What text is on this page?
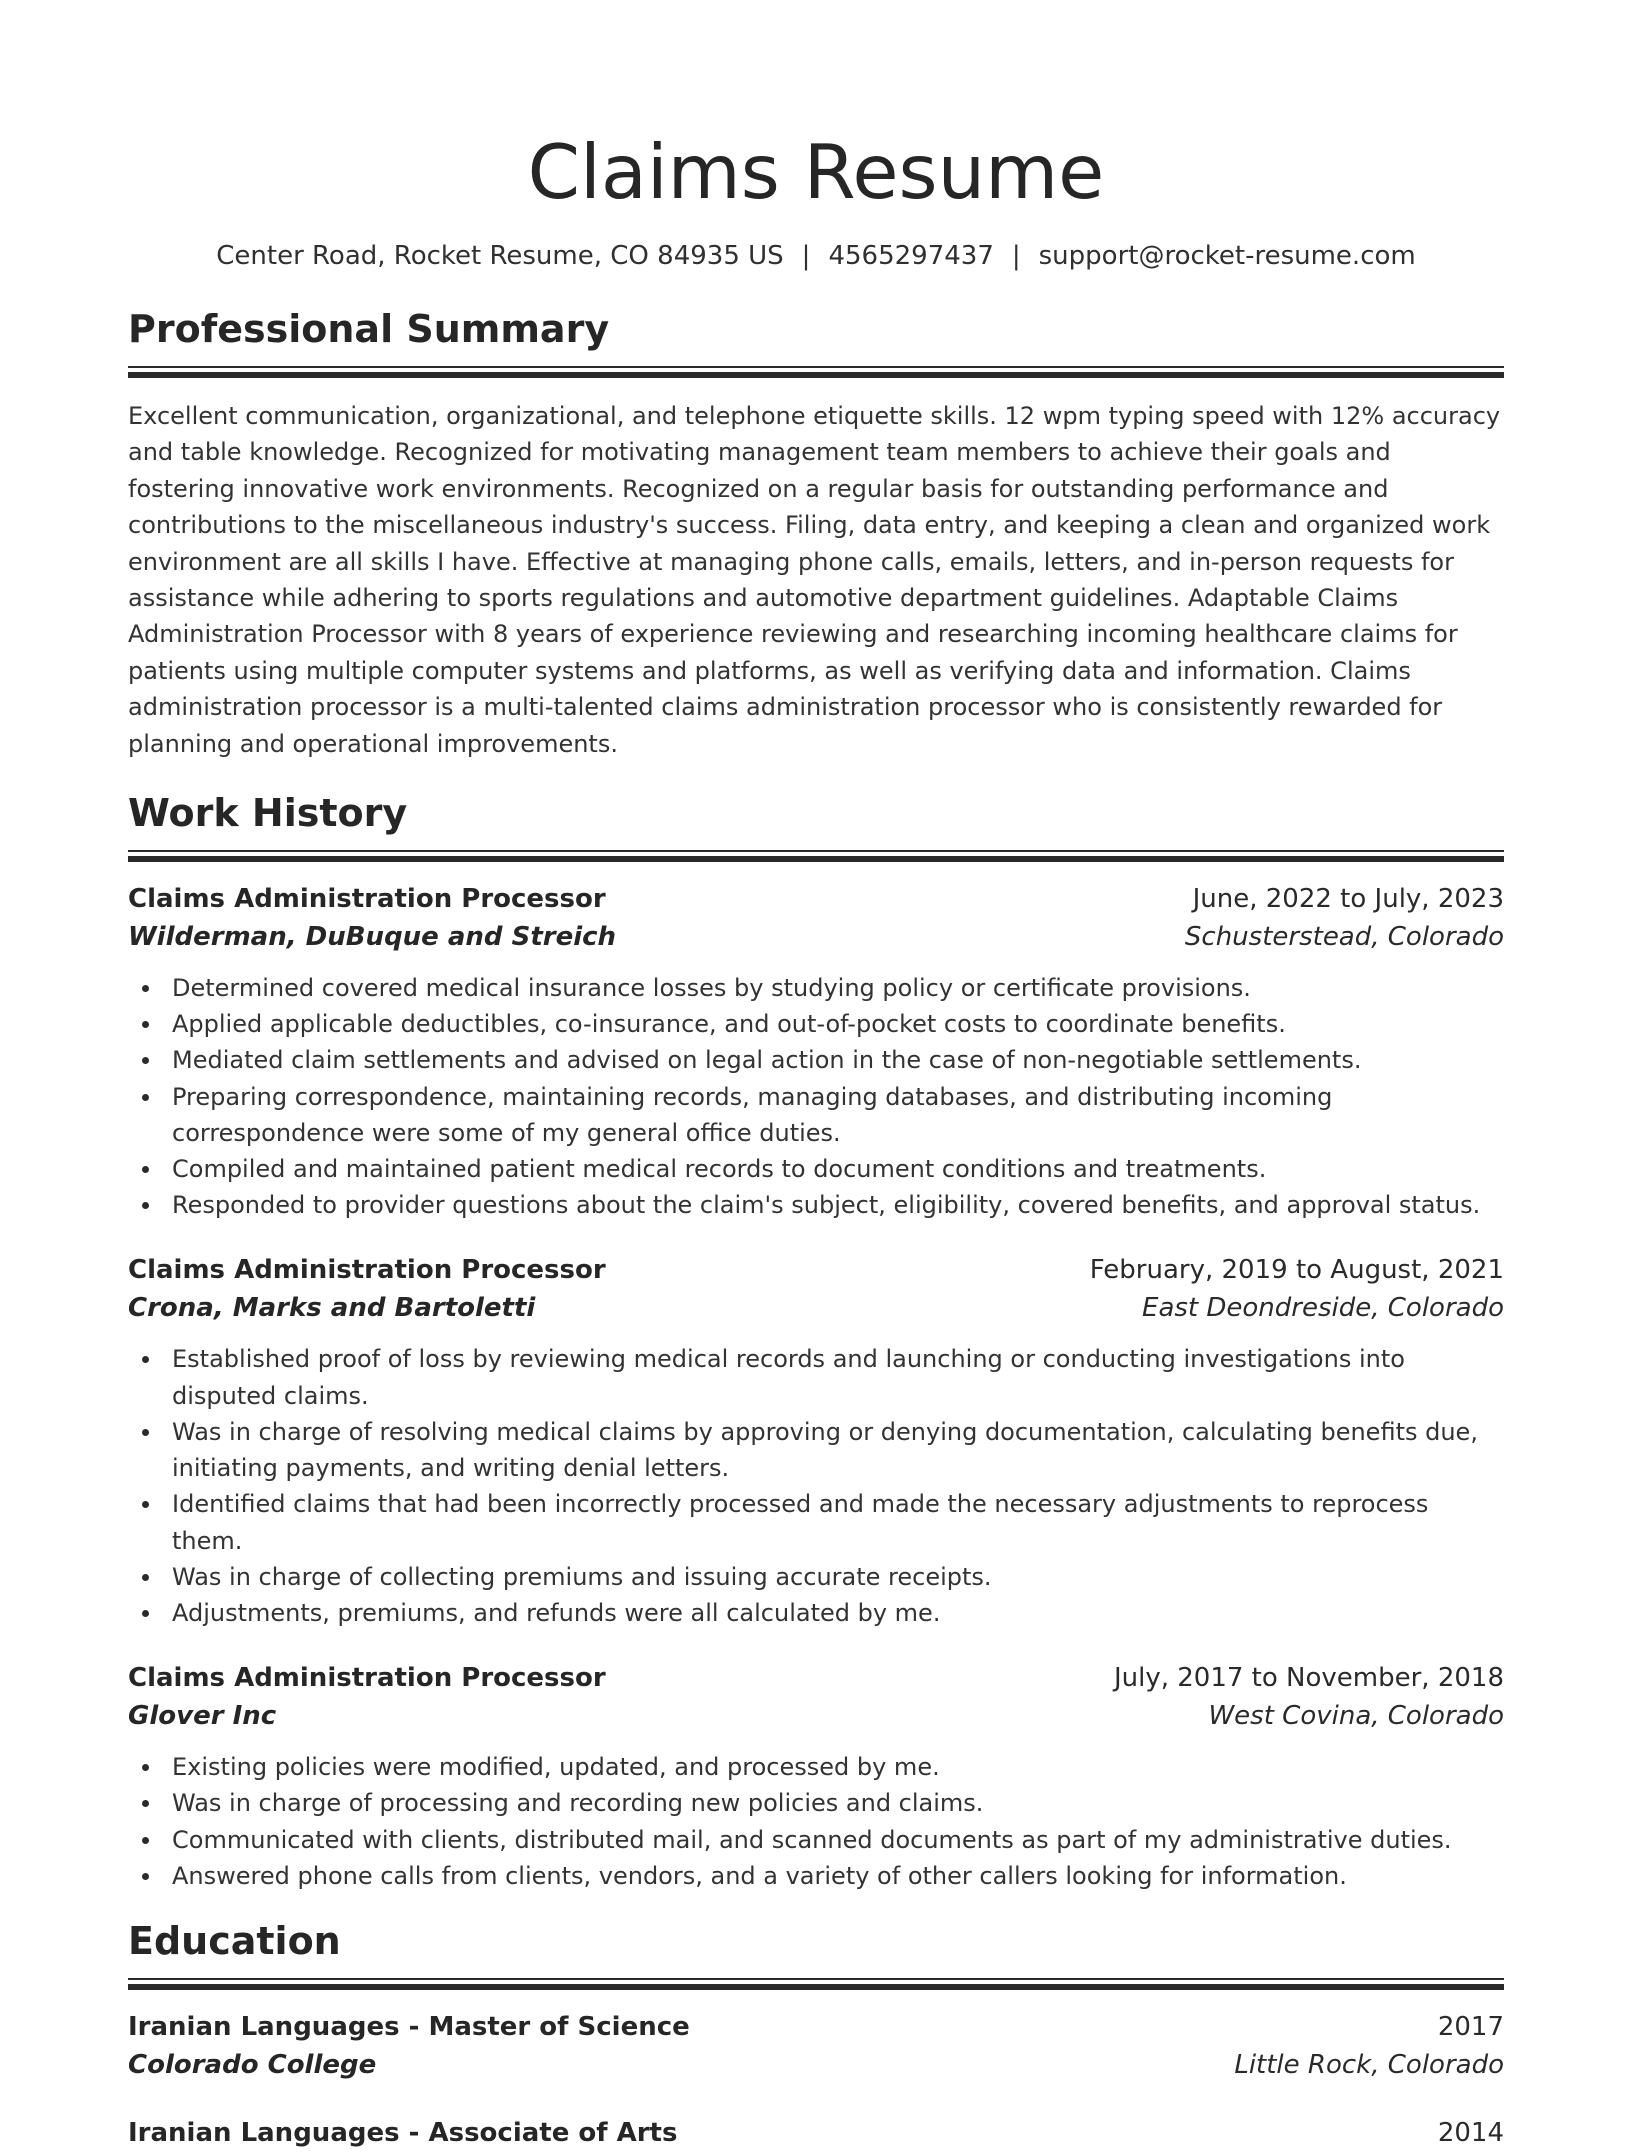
Claims Resume
Center Road, Rocket Resume, CO 84935 US | 4565297437 | support@rocket-resume.com
Professional Summary

Excellent communication, organizational, and telephone etiquette skills. 12 wpm typing speed with 12% accuracy and table knowledge. Recognized for motivating management team members to achieve their goals and fostering innovative work environments. Recognized on a regular basis for outstanding performance and contributions to the miscellaneous industry's success. Filing, data entry, and keeping a clean and organized work environment are all skills I have. Effective at managing phone calls, emails, letters, and in-person requests for assistance while adhering to sports regulations and automotive department guidelines. Adaptable Claims Administration Processor with 8 years of experience reviewing and researching incoming healthcare claims for patients using multiple computer systems and platforms, as well as verifying data and information. Claims administration processor is a multi-talented claims administration processor who is consistently rewarded for planning and operational improvements.

Work History
Claims Administration Processor	June, 2022 to July, 2023
Wilderman, DuBuque and Streich	Schusterstead, Colorado
Determined covered medical insurance losses by studying policy or certificate provisions.
Applied applicable deductibles, co-insurance, and out-of-pocket costs to coordinate benefits.
Mediated claim settlements and advised on legal action in the case of non-negotiable settlements.
Preparing correspondence, maintaining records, managing databases, and distributing incoming correspondence were some of my general office duties.
Compiled and maintained patient medical records to document conditions and treatments.
Responded to provider questions about the claim's subject, eligibility, covered benefits, and approval status.
Claims Administration Processor	February, 2019 to August, 2021
Crona, Marks and Bartoletti	East Deondreside, Colorado
Established proof of loss by reviewing medical records and launching or conducting investigations into disputed claims.
Was in charge of resolving medical claims by approving or denying documentation, calculating benefits due, initiating payments, and writing denial letters.
Identified claims that had been incorrectly processed and made the necessary adjustments to reprocess them.
Was in charge of collecting premiums and issuing accurate receipts.
Adjustments, premiums, and refunds were all calculated by me.
Claims Administration Processor	July, 2017 to November, 2018
Glover Inc	West Covina, Colorado
Existing policies were modified, updated, and processed by me.
Was in charge of processing and recording new policies and claims.
Communicated with clients, distributed mail, and scanned documents as part of my administrative duties.
Answered phone calls from clients, vendors, and a variety of other callers looking for information.
Education
Iranian Languages - Master of Science	2017
Colorado College	Little Rock, Colorado
Iranian Languages - Associate of Arts	2014
